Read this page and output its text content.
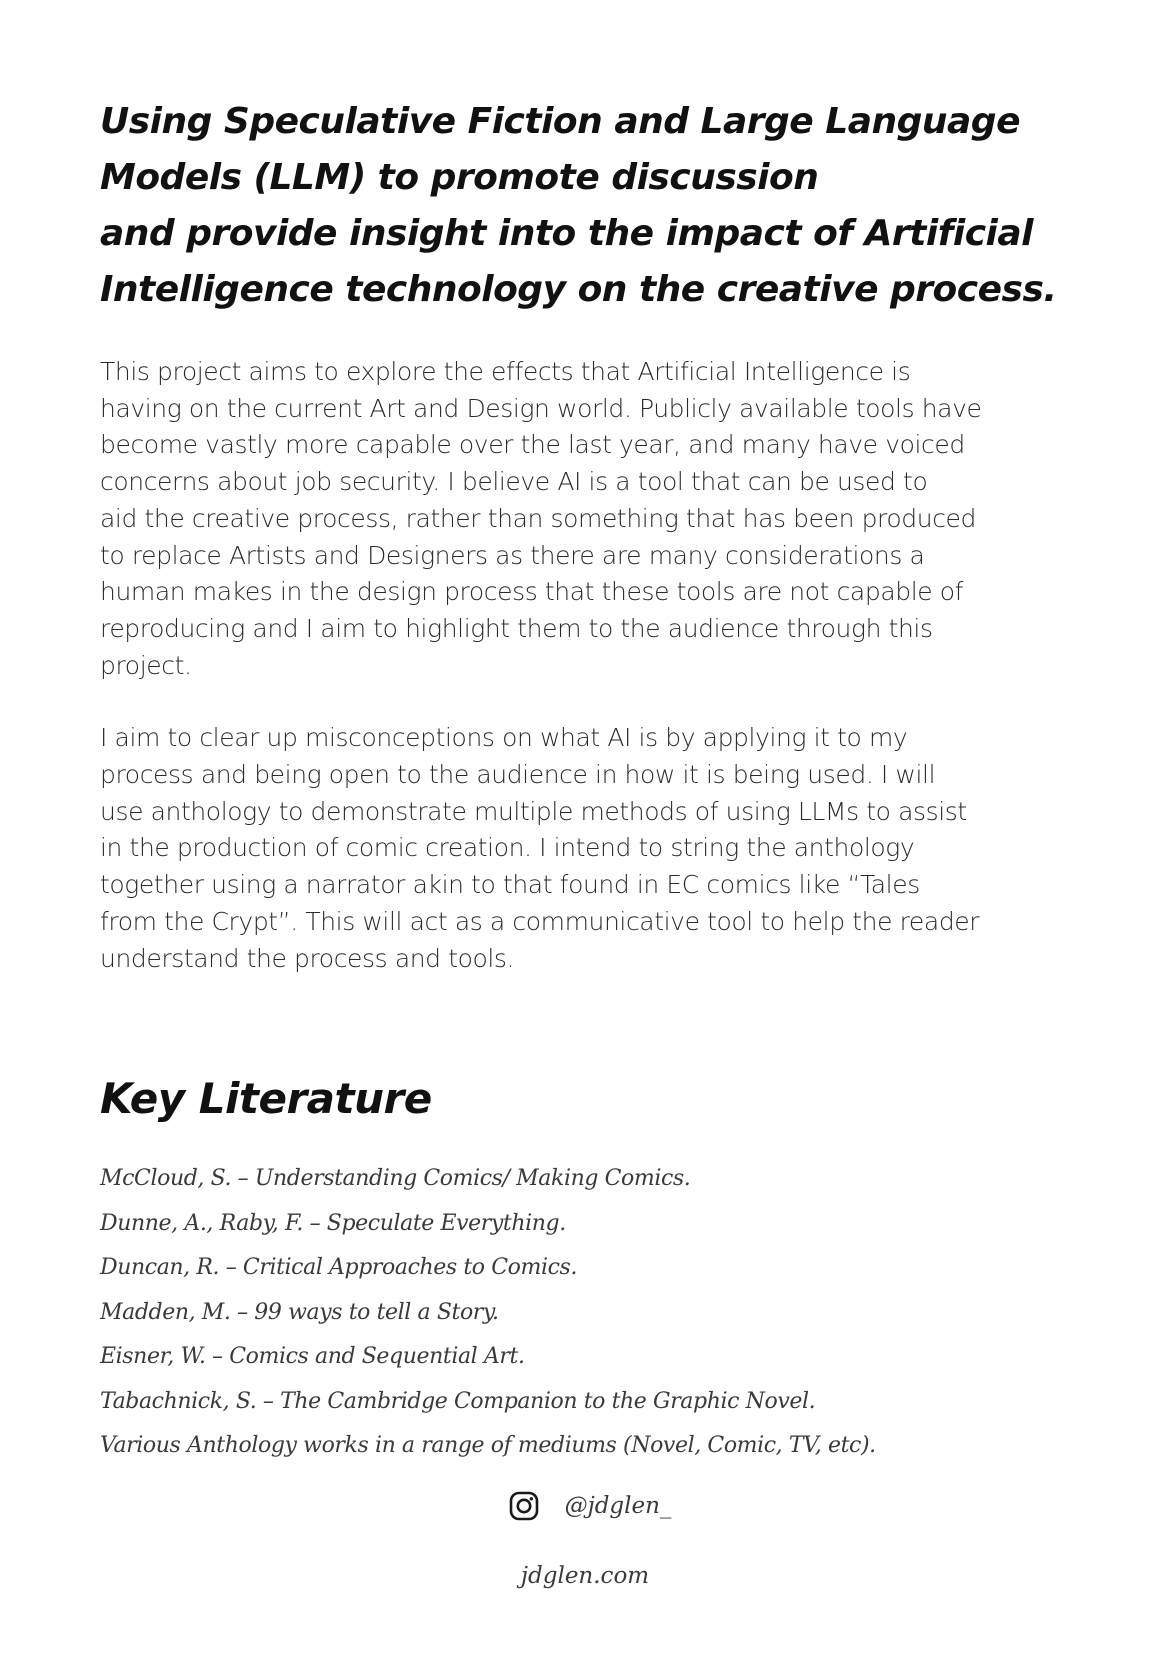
Using Speculative Fiction and Large Language
Models (LLM) to promote discussion
and provide insight into the impact of Artificial
Intelligence technology on the creative process.

This project aims to explore the effects that Artificial Intelligence is
having on the current Art and Design world. Publicly available tools have
become vastly more capable over the last year, and many have voiced
concerns about job security. I believe AI is a tool that can be used to
aid the creative process, rather than something that has been produced
to replace Artists and Designers as there are many considerations a
human makes in the design process that these tools are not capable of
reproducing and I aim to highlight them to the audience through this
project.

I aim to clear up misconceptions on what AI is by applying it to my
process and being open to the audience in how it is being used. I will
use anthology to demonstrate multiple methods of using LLMs to assist
in the production of comic creation. I intend to string the anthology
together using a narrator akin to that found in EC comics like “Tales
from the Crypt”. This will act as a communicative tool to help the reader
understand the process and tools.

Key Literature
McCloud, S. – Understanding Comics/ Making Comics.
Dunne, A., Raby, F. – Speculate Everything.
Duncan, R. – Critical Approaches to Comics.
Madden, M. – 99 ways to tell a Story.
Eisner, W. – Comics and Sequential Art.
Tabachnick, S. – The Cambridge Companion to the Graphic Novel.
Various Anthology works in a range of mediums (Novel, Comic, TV, etc).
@jdglen_
jdglen.com
